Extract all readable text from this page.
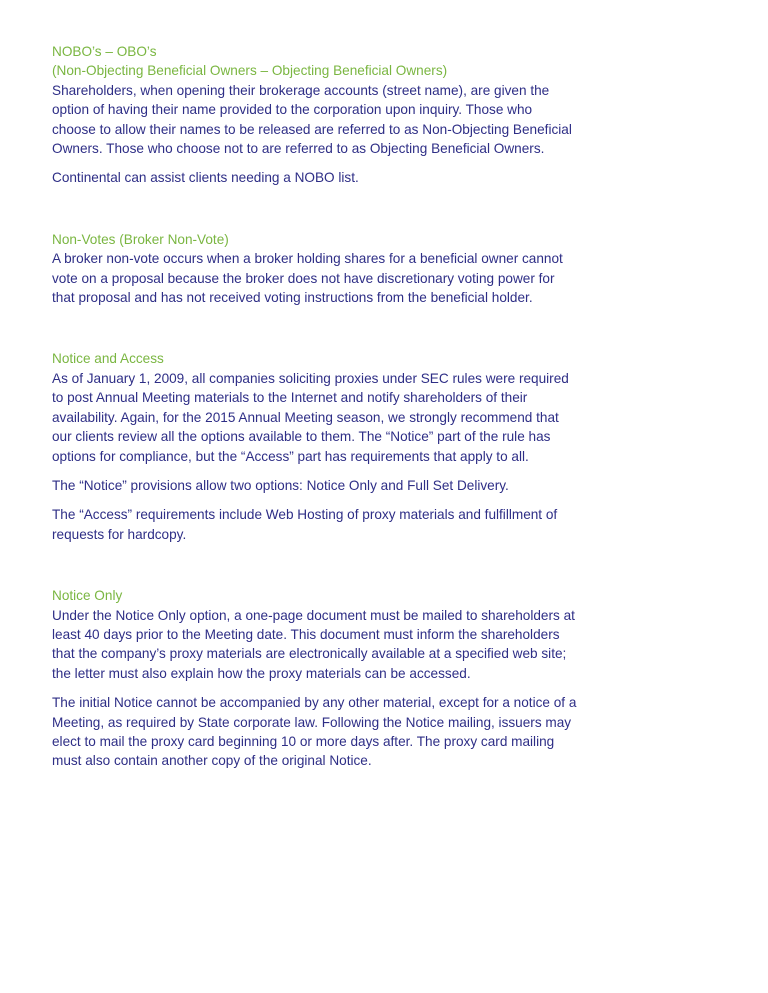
NOBO’s – OBO’s
(Non-Objecting Beneficial Owners – Objecting Beneficial Owners)

Shareholders, when opening their brokerage accounts (street name), are given the option of having their name provided to the corporation upon inquiry. Those who choose to allow their names to be released are referred to as Non-Objecting Beneficial Owners. Those who choose not to are referred to as Objecting Beneficial Owners.

Continental can assist clients needing a NOBO list.

Non-Votes (Broker Non-Vote)

A broker non-vote occurs when a broker holding shares for a beneficial owner cannot vote on a proposal because the broker does not have discretionary voting power for that proposal and has not received voting instructions from the beneficial holder.

Notice and Access

As of January 1, 2009, all companies soliciting proxies under SEC rules were required to post Annual Meeting materials to the Internet and notify shareholders of their availability. Again, for the 2015 Annual Meeting season, we strongly recommend that our clients review all the options available to them. The “Notice” part of the rule has options for compliance, but the “Access” part has requirements that apply to all.

The “Notice” provisions allow two options: Notice Only and Full Set Delivery.

The “Access” requirements include Web Hosting of proxy materials and fulfillment of requests for hardcopy.

Notice Only

Under the Notice Only option, a one-page document must be mailed to shareholders at least 40 days prior to the Meeting date. This document must inform the shareholders that the company’s proxy materials are electronically available at a specified web site; the letter must also explain how the proxy materials can be accessed.

The initial Notice cannot be accompanied by any other material, except for a notice of a Meeting, as required by State corporate law. Following the Notice mailing, issuers may elect to mail the proxy card beginning 10 or more days after. The proxy card mailing must also contain another copy of the original Notice.
